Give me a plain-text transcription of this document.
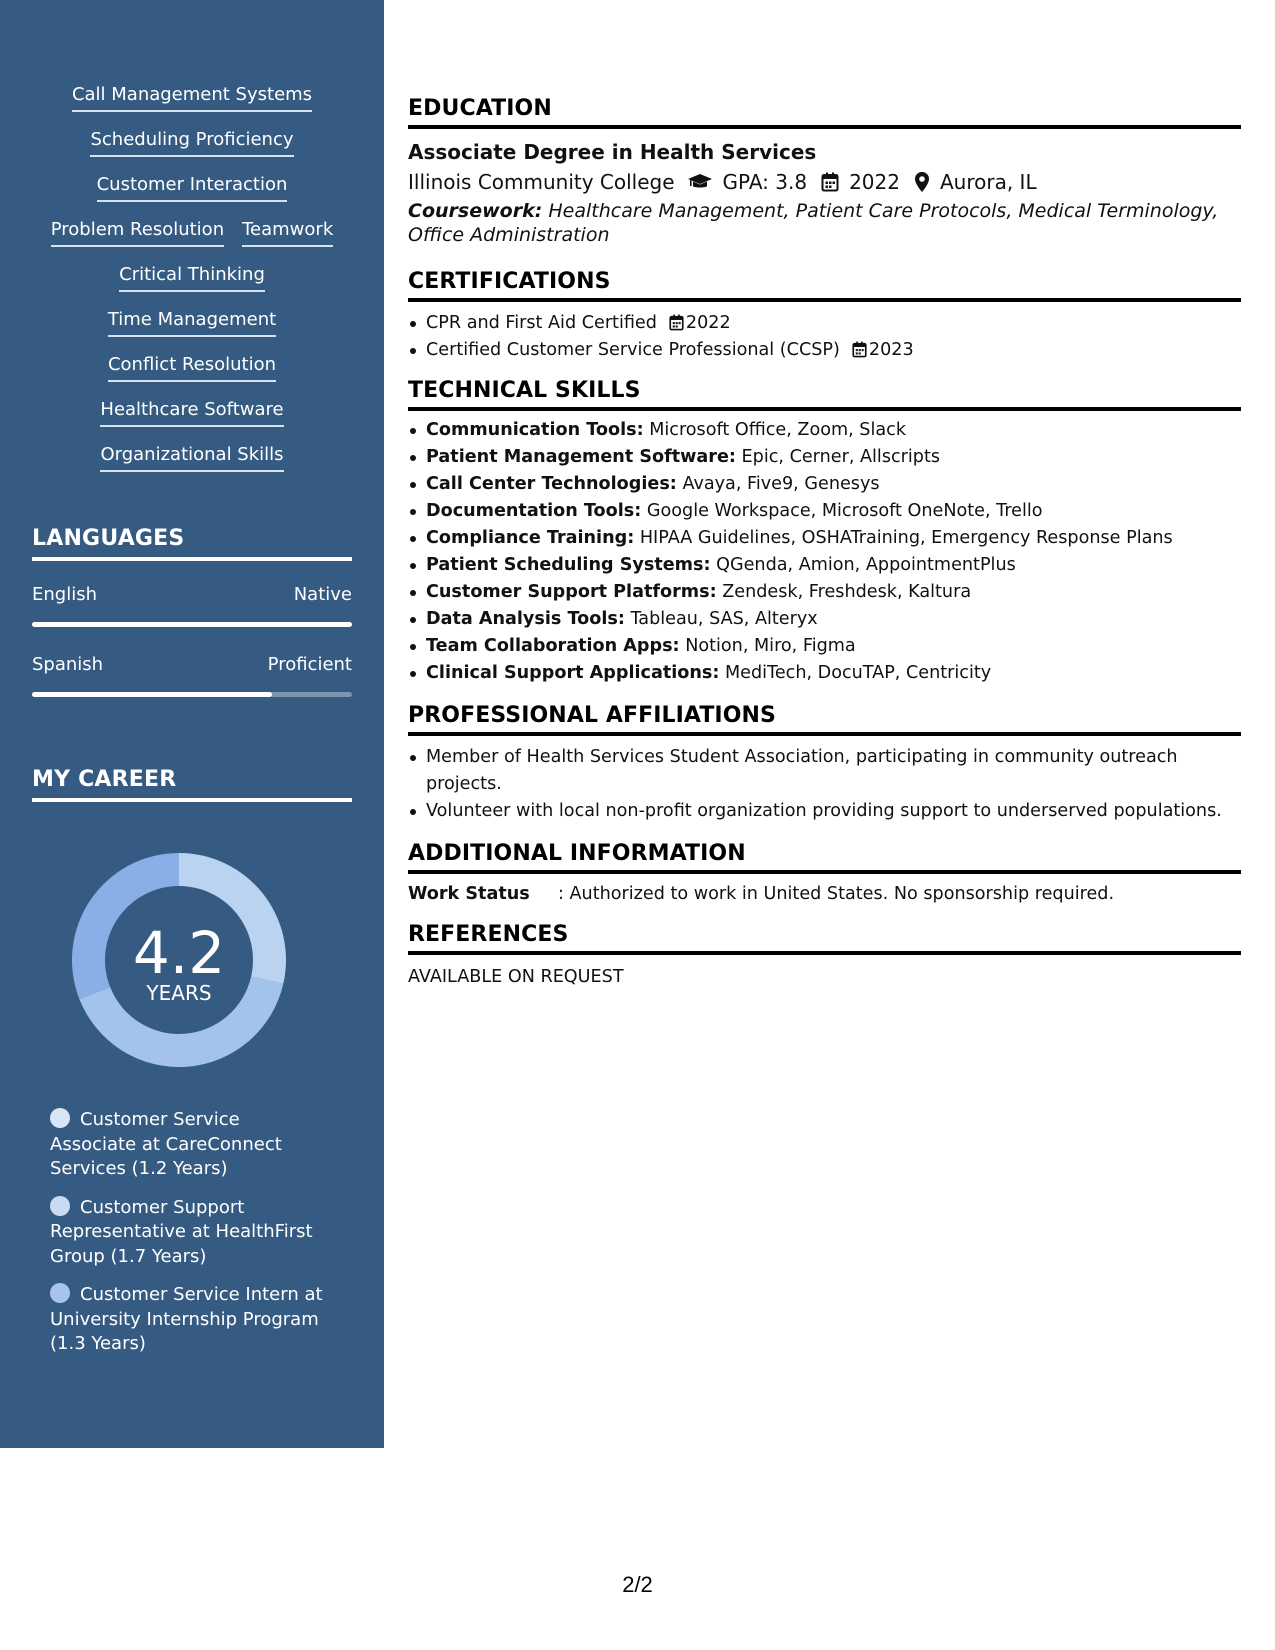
Call Management Systems
Scheduling Proficiency
Customer Interaction
Problem Resolution Teamwork
Critical Thinking
Time Management
Conflict Resolution
Healthcare Software
Organizational Skills
LANGUAGES
English	Native
Spanish	Proficient
MY CAREER
4.2
YEARS
Customer Service Associate at CareConnect Services (1.2 Years)
Customer Support Representative at HealthFirst Group (1.7 Years)
Customer Service Intern at University Internship Program (1.3 Years)
EDUCATION
Associate Degree in Health Services
Illinois Community College GPA: 3.8 2022 Aurora, IL
Coursework: Healthcare Management, Patient Care Protocols, Medical Terminology, Office Administration
CERTIFICATIONS
CPR and First Aid Certified 2022
Certified Customer Service Professional (CCSP) 2023
TECHNICAL SKILLS
Communication Tools: Microsoft Office, Zoom, Slack
Patient Management Software: Epic, Cerner, Allscripts
Call Center Technologies: Avaya, Five9, Genesys
Documentation Tools: Google Workspace, Microsoft OneNote, Trello
Compliance Training: HIPAA Guidelines, OSHATraining, Emergency Response Plans
Patient Scheduling Systems: QGenda, Amion, AppointmentPlus
Customer Support Platforms: Zendesk, Freshdesk, Kaltura
Data Analysis Tools: Tableau, SAS, Alteryx
Team Collaboration Apps: Notion, Miro, Figma
Clinical Support Applications: MediTech, DocuTAP, Centricity
PROFESSIONAL AFFILIATIONS
Member of Health Services Student Association, participating in community outreach projects.
Volunteer with local non-profit organization providing support to underserved populations.
ADDITIONAL INFORMATION
Work Status	: Authorized to work in United States. No sponsorship required.
REFERENCES
AVAILABLE ON REQUEST
2/2
